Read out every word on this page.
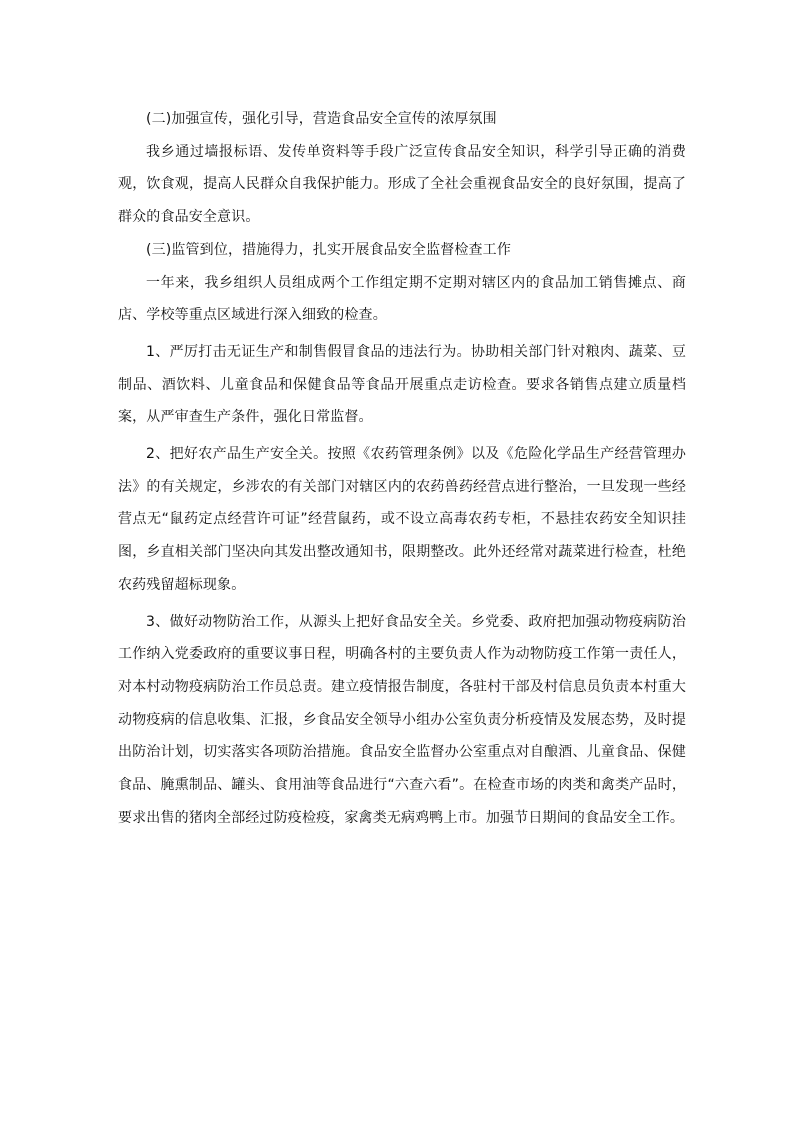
(二)加强宣传，强化引导，营造食品安全宣传的浓厚氛围

我乡通过墙报标语、发传单资料等手段广泛宣传食品安全知识，科学引导正确的消费观，饮食观，提高人民群众自我保护能力。形成了全社会重视食品安全的良好氛围，提高了群众的食品安全意识。

(三)监管到位，措施得力，扎实开展食品安全监督检查工作

一年来，我乡组织人员组成两个工作组定期不定期对辖区内的食品加工销售摊点、商店、学校等重点区域进行深入细致的检查。

1、严厉打击无证生产和制售假冒食品的违法行为。协助相关部门针对粮肉、蔬菜、豆制品、酒饮料、儿童食品和保健食品等食品开展重点走访检查。要求各销售点建立质量档案，从严审查生产条件，强化日常监督。

2、把好农产品生产安全关。按照《农药管理条例》以及《危险化学品生产经营管理办法》的有关规定，乡涉农的有关部门对辖区内的农药兽药经营点进行整治，一旦发现一些经营点无“鼠药定点经营许可证”经营鼠药，或不设立高毒农药专柜，不悬挂农药安全知识挂图，乡直相关部门坚决向其发出整改通知书，限期整改。此外还经常对蔬菜进行检查，杜绝农药残留超标现象。

3、做好动物防治工作，从源头上把好食品安全关。乡党委、政府把加强动物疫病防治工作纳入党委政府的重要议事日程，明确各村的主要负责人作为动物防疫工作第一责任人，对本村动物疫病防治工作员总责。建立疫情报告制度，各驻村干部及村信息员负责本村重大动物疫病的信息收集、汇报，乡食品安全领导小组办公室负责分析疫情及发展态势，及时提出防治计划，切实落实各项防治措施。食品安全监督办公室重点对自酿酒、儿童食品、保健食品、腌熏制品、罐头、食用油等食品进行“六查六看”。在检查市场的肉类和禽类产品时，要求出售的猪肉全部经过防疫检疫，家禽类无病鸡鸭上市。加强节日期间的食品安全工作。
